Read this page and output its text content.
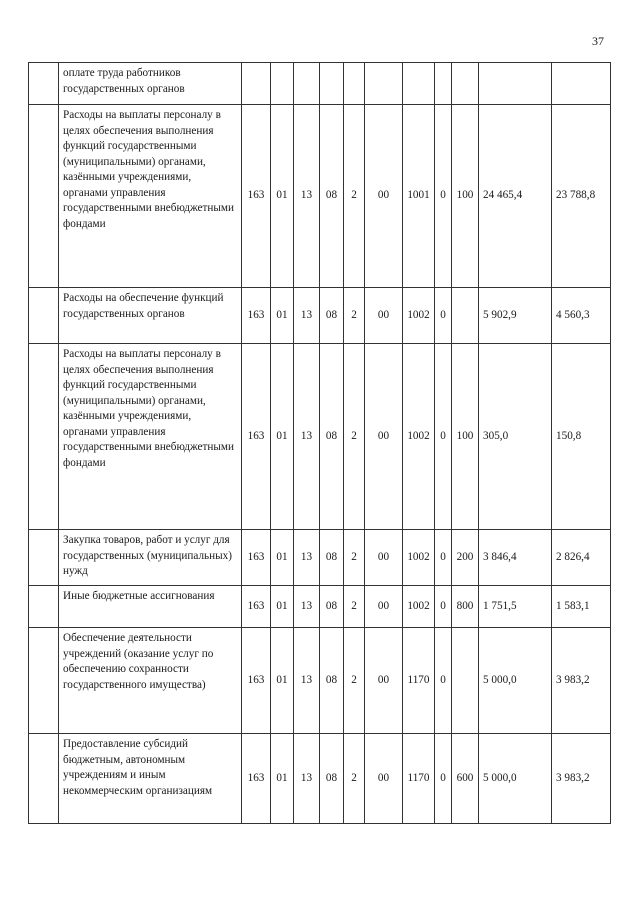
37
	оплате труда работников государственных органов											
	Расходы на выплаты персоналу в целях обеспечения выполнения функций государственными (муниципальными) органами, казёнными учреждениями, органами управления государственными внебюджетными фондами	163	01	13	08	2	00	1001	0	100	24 465,4	23 788,8
	Расходы на обеспечение функций государственных органов	163	01	13	08	2	00	1002	0		5 902,9	4 560,3
	Расходы на выплаты персоналу в целях обеспечения выполнения функций государственными (муниципальными) органами, казёнными учреждениями, органами управления государственными внебюджетными фондами	163	01	13	08	2	00	1002	0	100	305,0	150,8
	Закупка товаров, работ и услуг для государственных (муниципальных) нужд	163	01	13	08	2	00	1002	0	200	3 846,4	2 826,4
	Иные бюджетные ассигнования	163	01	13	08	2	00	1002	0	800	1 751,5	1 583,1
	Обеспечение деятельности учреждений (оказание услуг по обеспечению сохранности государственного имущества)	163	01	13	08	2	00	1170	0		5 000,0	3 983,2
	Предоставление субсидий бюджетным, автономным учреждениям и иным некоммерческим организациям	163	01	13	08	2	00	1170	0	600	5 000,0	3 983,2
